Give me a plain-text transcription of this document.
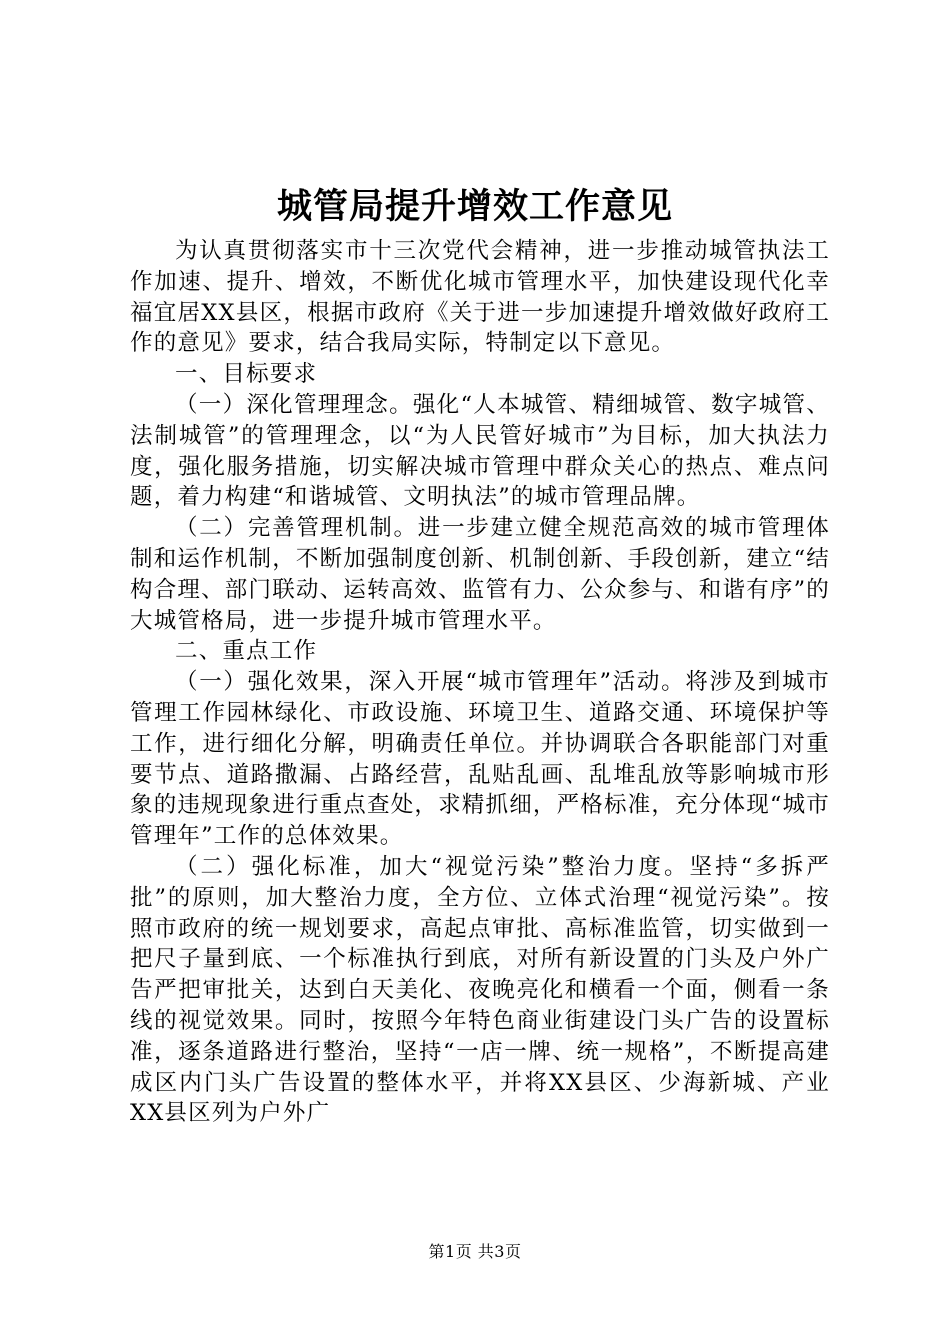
城管局提升增效工作意见

为认真贯彻落实市十三次党代会精神，进一步推动城管执法工作加速、提升、增效，不断优化城市管理水平，加快建设现代化幸福宜居XX县区，根据市政府《关于进一步加速提升增效做好政府工作的意见》要求，结合我局实际，特制定以下意见。

一、目标要求

（一）深化管理理念。强化“人本城管、精细城管、数字城管、法制城管”的管理理念，以“为人民管好城市”为目标，加大执法力度，强化服务措施，切实解决城市管理中群众关心的热点、难点问题，着力构建“和谐城管、文明执法”的城市管理品牌。

（二）完善管理机制。进一步建立健全规范高效的城市管理体制和运作机制，不断加强制度创新、机制创新、手段创新，建立“结构合理、部门联动、运转高效、监管有力、公众参与、和谐有序”的大城管格局，进一步提升城市管理水平。

二、重点工作

（一）强化效果，深入开展“城市管理年”活动。将涉及到城市管理工作园林绿化、市政设施、环境卫生、道路交通、环境保护等工作，进行细化分解，明确责任单位。并协调联合各职能部门对重要节点、道路撒漏、占路经营，乱贴乱画、乱堆乱放等影响城市形象的违规现象进行重点查处，求精抓细，严格标准，充分体现“城市管理年”工作的总体效果。

（二）强化标准，加大“视觉污染”整治力度。坚持“多拆严批”的原则，加大整治力度，全方位、立体式治理“视觉污染”。按照市政府的统一规划要求，高起点审批、高标准监管，切实做到一把尺子量到底、一个标准执行到底，对所有新设置的门头及户外广告严把审批关，达到白天美化、夜晚亮化和横看一个面，侧看一条线的视觉效果。同时，按照今年特色商业街建设门头广告的设置标准，逐条道路进行整治，坚持“一店一牌、统一规格”，不断提高建成区内门头广告设置的整体水平，并将XX县区、少海新城、产业XX县区列为户外广

第1页 共3页
